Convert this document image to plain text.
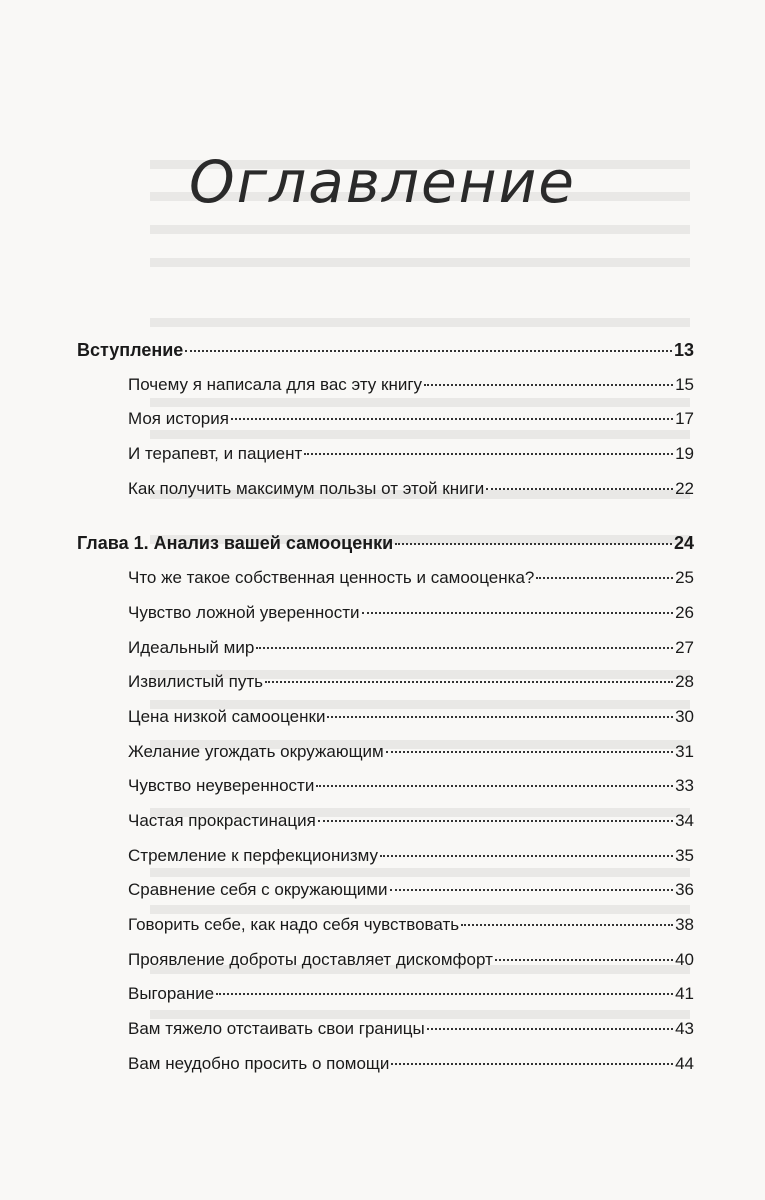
Оглавление
Вступление	13
Почему я написала для вас эту книгу	15
Моя история	17
И терапевт, и пациент	19
Как получить максимум пользы от этой книги	22
Глава 1. Анализ вашей самооценки	24
Что же такое собственная ценность и самооценка?	25
Чувство ложной уверенности	26
Идеальный мир	27
Извилистый путь	28
Цена низкой самооценки	30
Желание угождать окружающим	31
Чувство неуверенности	33
Частая прокрастинация	34
Стремление к перфекционизму	35
Сравнение себя с окружающими	36
Говорить себе, как надо себя чувствовать	38
Проявление доброты доставляет дискомфорт	40
Выгорание	41
Вам тяжело отстаивать свои границы	43
Вам неудобно просить о помощи	44
